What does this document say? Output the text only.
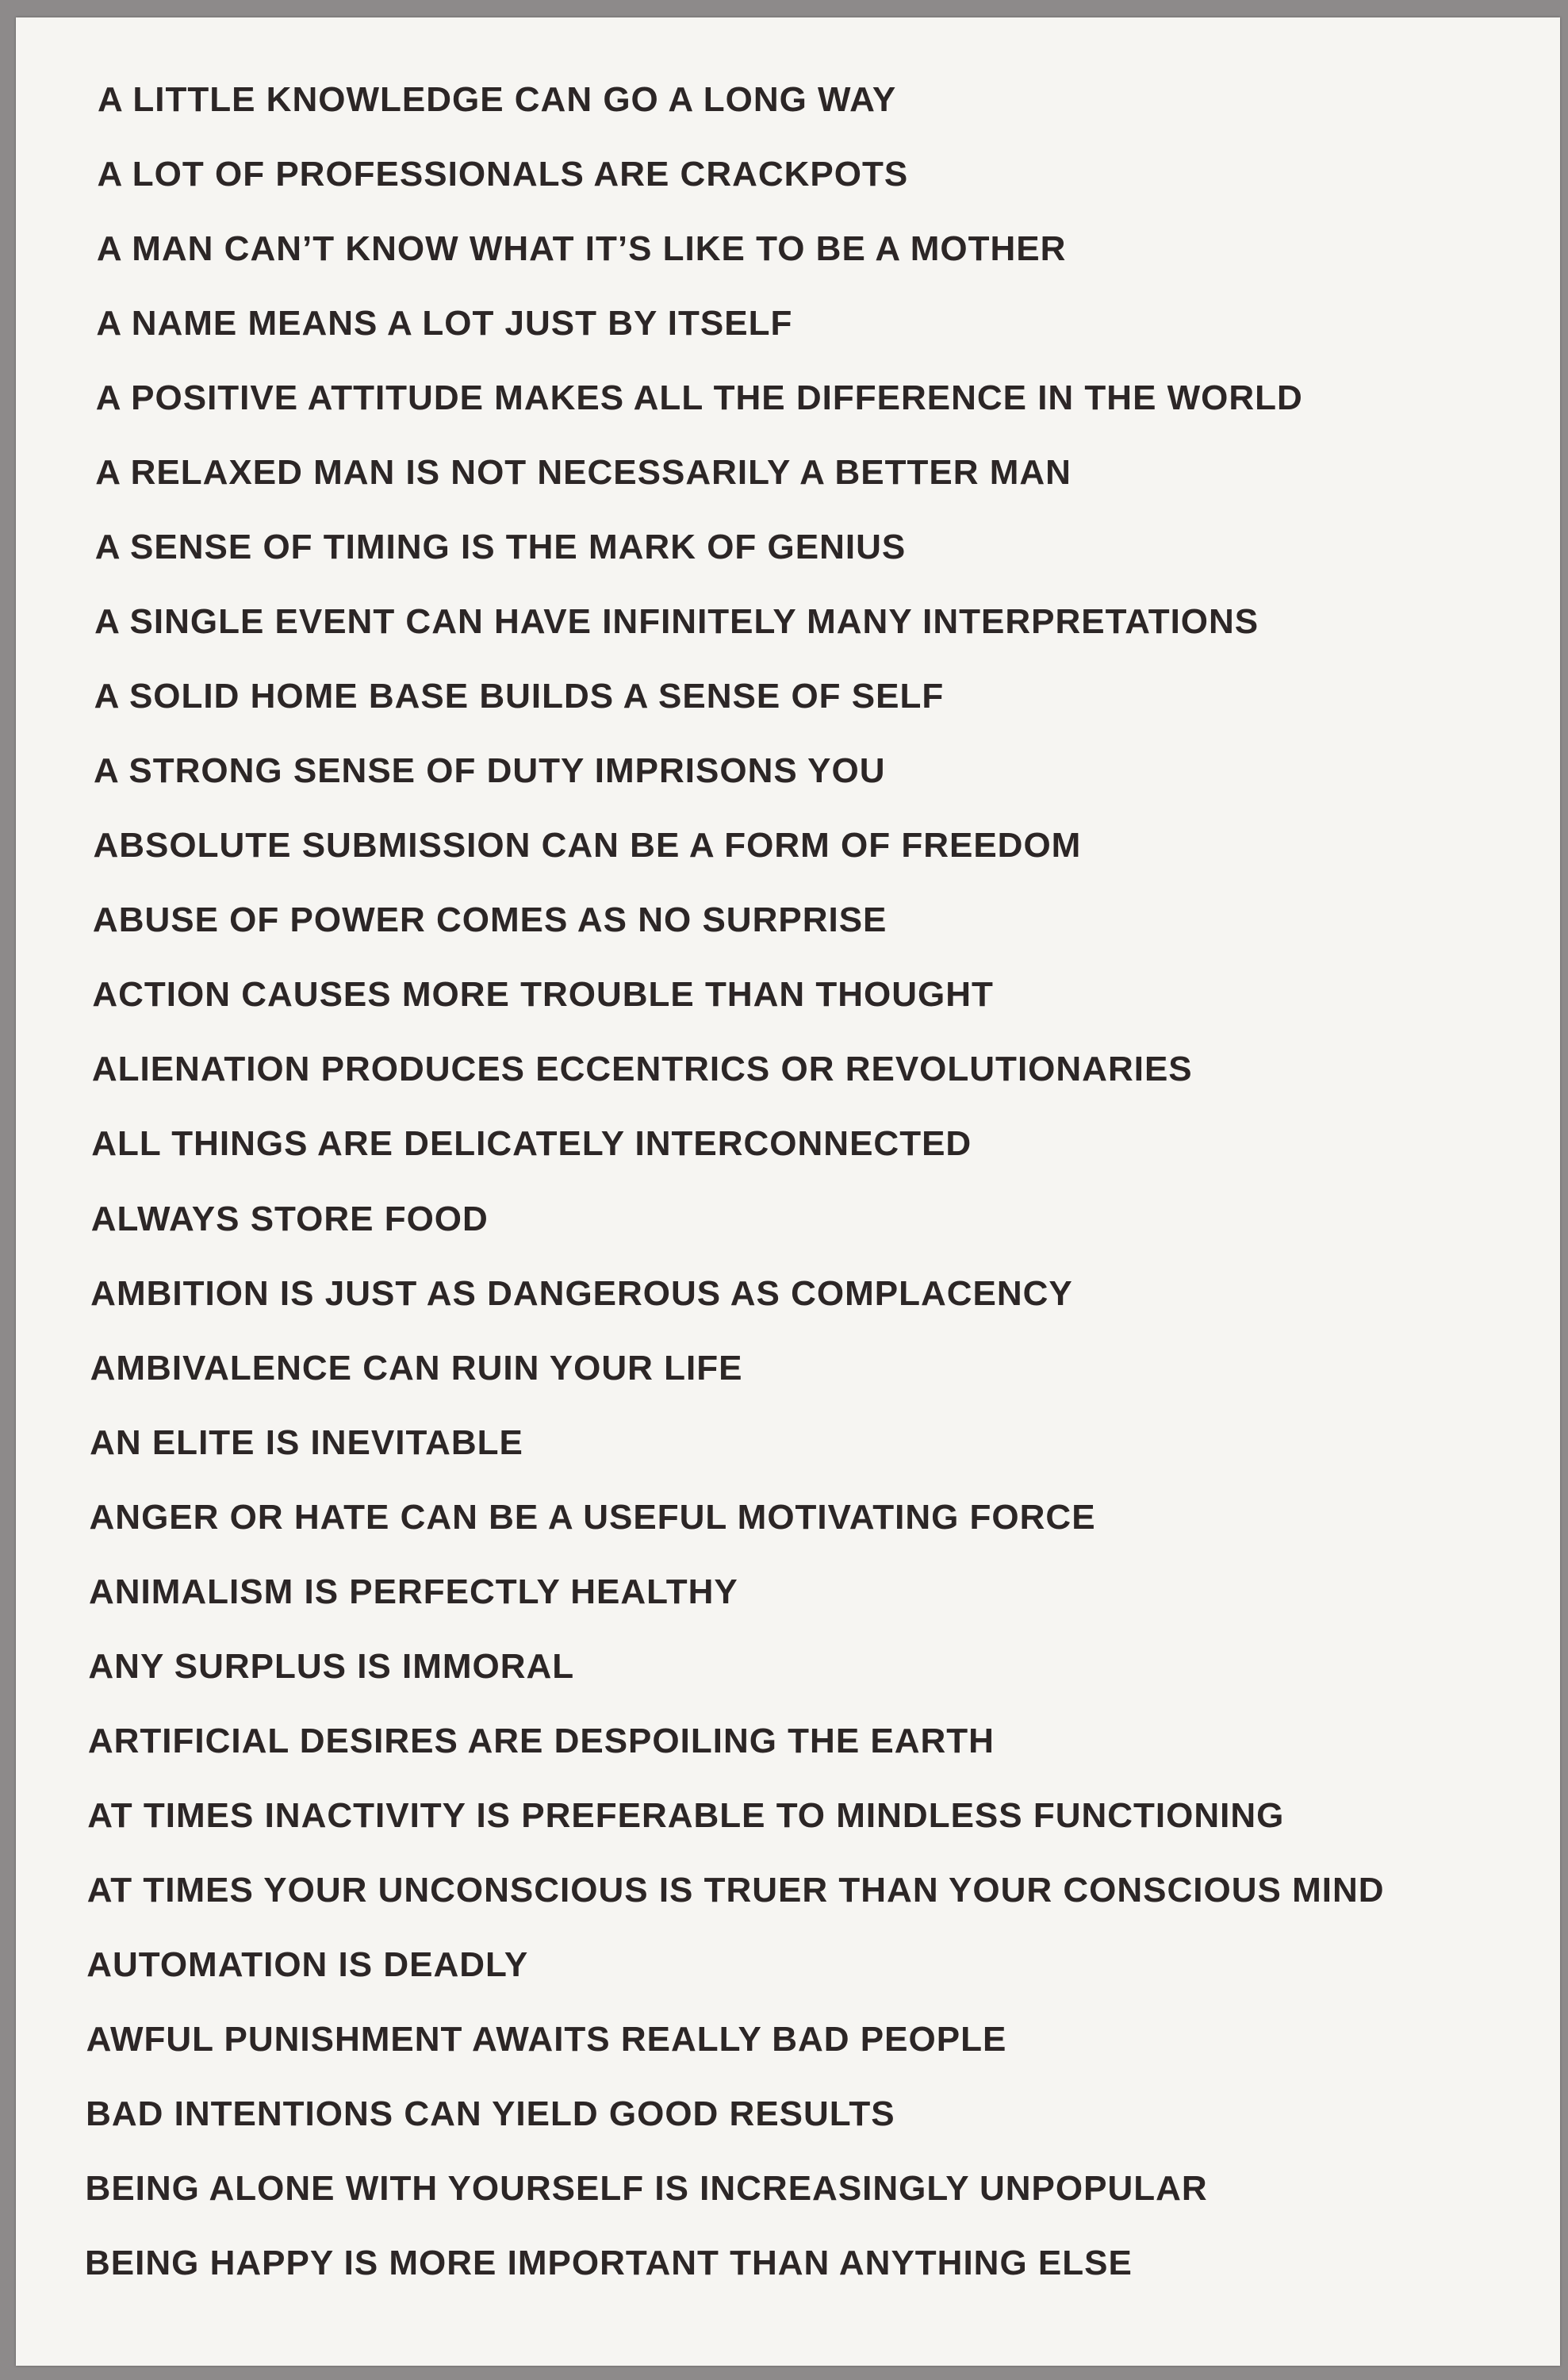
A LITTLE KNOWLEDGE CAN GO A LONG WAY
A LOT OF PROFESSIONALS ARE CRACKPOTS
A MAN CAN’T KNOW WHAT IT’S LIKE TO BE A MOTHER
A NAME MEANS A LOT JUST BY ITSELF
A POSITIVE ATTITUDE MAKES ALL THE DIFFERENCE IN THE WORLD
A RELAXED MAN IS NOT NECESSARILY A BETTER MAN
A SENSE OF TIMING IS THE MARK OF GENIUS
A SINGLE EVENT CAN HAVE INFINITELY MANY INTERPRETATIONS
A SOLID HOME BASE BUILDS A SENSE OF SELF
A STRONG SENSE OF DUTY IMPRISONS YOU
ABSOLUTE SUBMISSION CAN BE A FORM OF FREEDOM
ABUSE OF POWER COMES AS NO SURPRISE
ACTION CAUSES MORE TROUBLE THAN THOUGHT
ALIENATION PRODUCES ECCENTRICS OR REVOLUTIONARIES
ALL THINGS ARE DELICATELY INTERCONNECTED
ALWAYS STORE FOOD
AMBITION IS JUST AS DANGEROUS AS COMPLACENCY
AMBIVALENCE CAN RUIN YOUR LIFE
AN ELITE IS INEVITABLE
ANGER OR HATE CAN BE A USEFUL MOTIVATING FORCE
ANIMALISM IS PERFECTLY HEALTHY
ANY SURPLUS IS IMMORAL
ARTIFICIAL DESIRES ARE DESPOILING THE EARTH
AT TIMES INACTIVITY IS PREFERABLE TO MINDLESS FUNCTIONING
AT TIMES YOUR UNCONSCIOUS IS TRUER THAN YOUR CONSCIOUS MIND
AUTOMATION IS DEADLY
AWFUL PUNISHMENT AWAITS REALLY BAD PEOPLE
BAD INTENTIONS CAN YIELD GOOD RESULTS
BEING ALONE WITH YOURSELF IS INCREASINGLY UNPOPULAR
BEING HAPPY IS MORE IMPORTANT THAN ANYTHING ELSE
